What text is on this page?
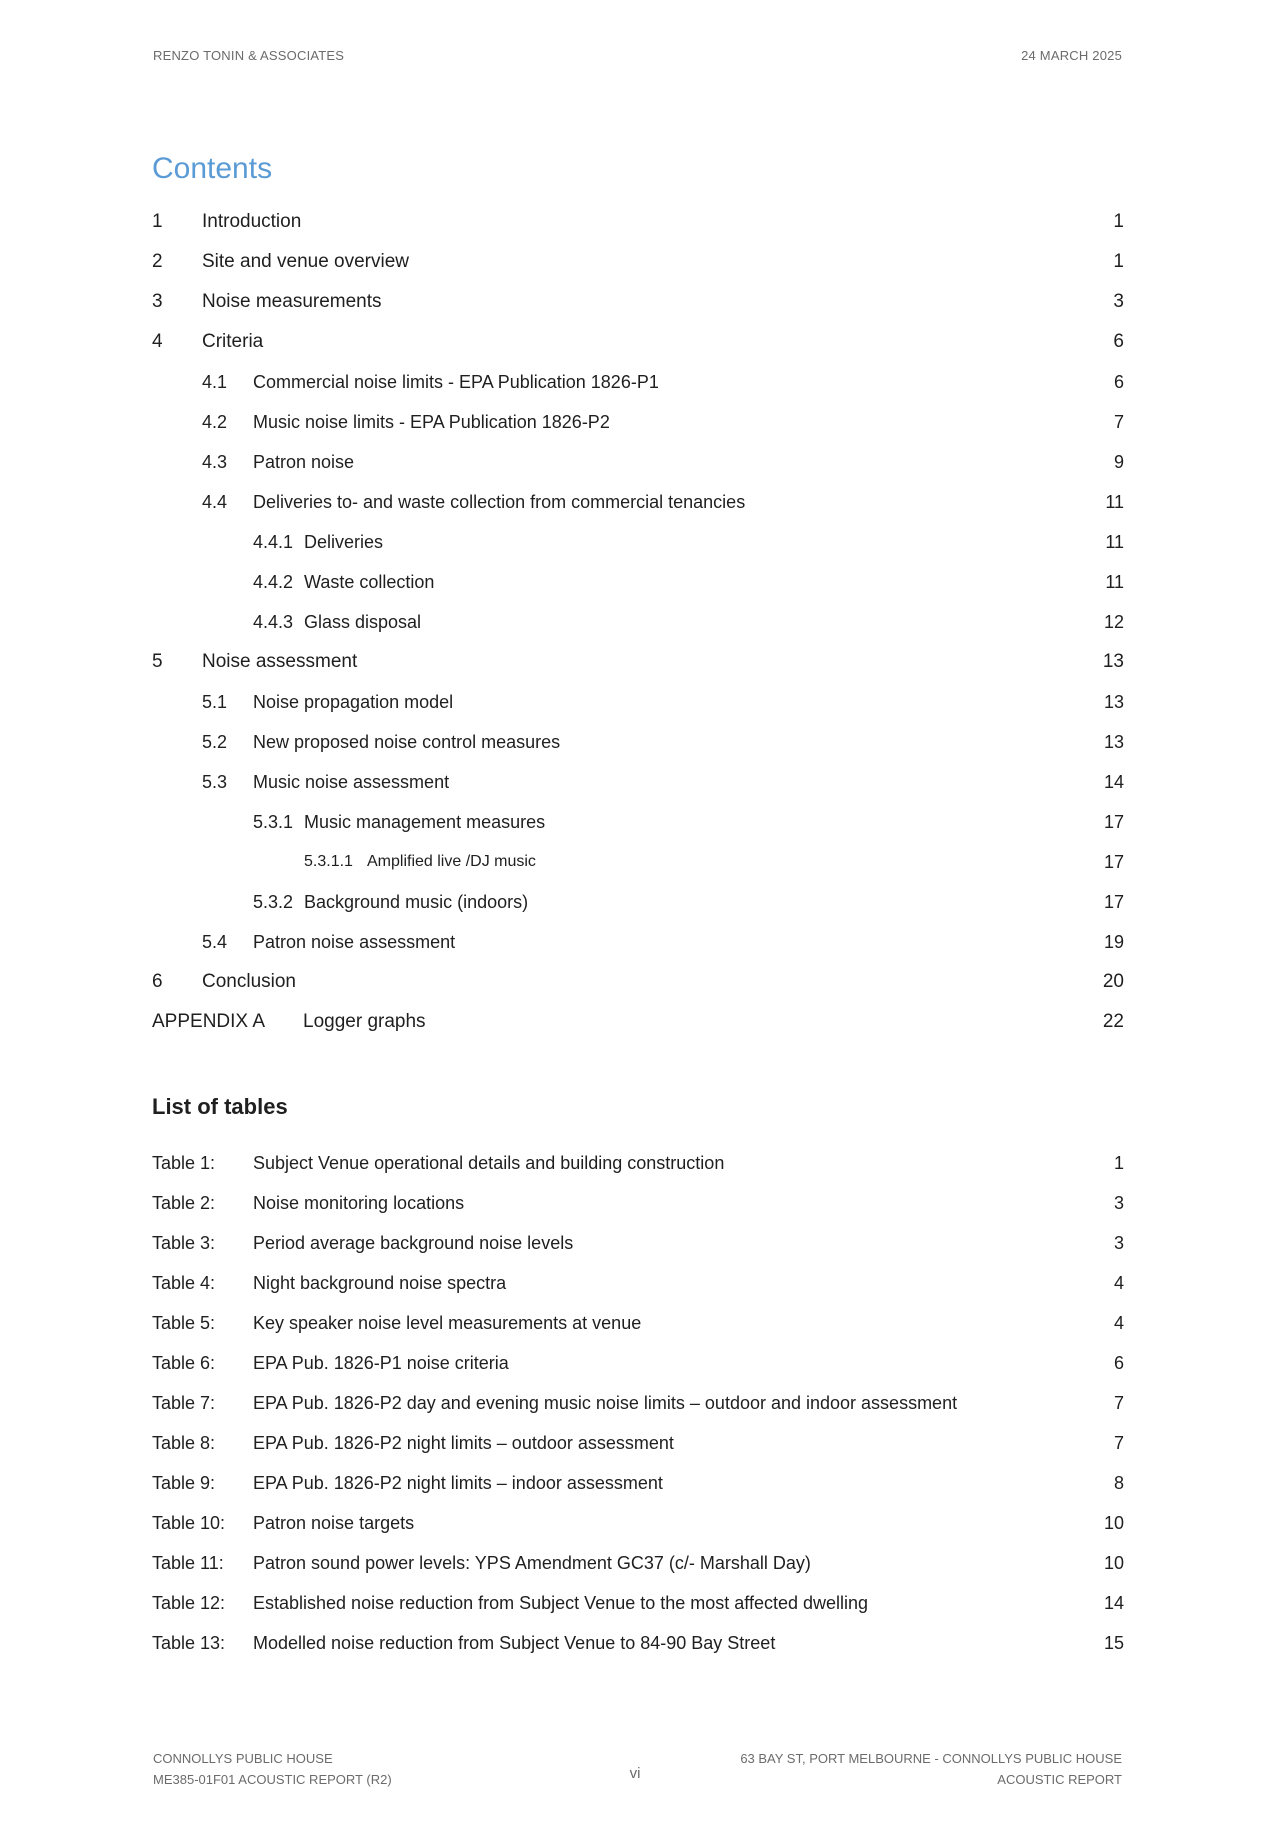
RENZO TONIN & ASSOCIATES	24 MARCH 2025
Contents
1 Introduction	1
2 Site and venue overview	1
3 Noise measurements	3
4 Criteria	6
4.1 Commercial noise limits - EPA Publication 1826-P1	6
4.2 Music noise limits - EPA Publication 1826-P2	7
4.3 Patron noise	9
4.4 Deliveries to- and waste collection from commercial tenancies	11
4.4.1 Deliveries	11
4.4.2 Waste collection	11
4.4.3 Glass disposal	12
5 Noise assessment	13
5.1 Noise propagation model	13
5.2 New proposed noise control measures	13
5.3 Music noise assessment	14
5.3.1 Music management measures	17
5.3.1.1 Amplified live /DJ music	17
5.3.2 Background music (indoors)	17
5.4 Patron noise assessment	19
6 Conclusion	20
APPENDIX A Logger graphs	22
List of tables
Table 1: Subject Venue operational details and building construction	1
Table 2: Noise monitoring locations	3
Table 3: Period average background noise levels	3
Table 4: Night background noise spectra	4
Table 5: Key speaker noise level measurements at venue	4
Table 6: EPA Pub. 1826-P1 noise criteria	6
Table 7: EPA Pub. 1826-P2 day and evening music noise limits – outdoor and indoor assessment	7
Table 8: EPA Pub. 1826-P2 night limits – outdoor assessment	7
Table 9: EPA Pub. 1826-P2 night limits – indoor assessment	8
Table 10: Patron noise targets	10
Table 11: Patron sound power levels: YPS Amendment GC37 (c/- Marshall Day)	10
Table 12: Established noise reduction from Subject Venue to the most affected dwelling	14
Table 13: Modelled noise reduction from Subject Venue to 84-90 Bay Street	15
CONNOLLYS PUBLIC HOUSE
ME385-01F01 ACOUSTIC REPORT (R2)	vi
63 BAY ST, PORT MELBOURNE - CONNOLLYS PUBLIC HOUSE
ACOUSTIC REPORT
